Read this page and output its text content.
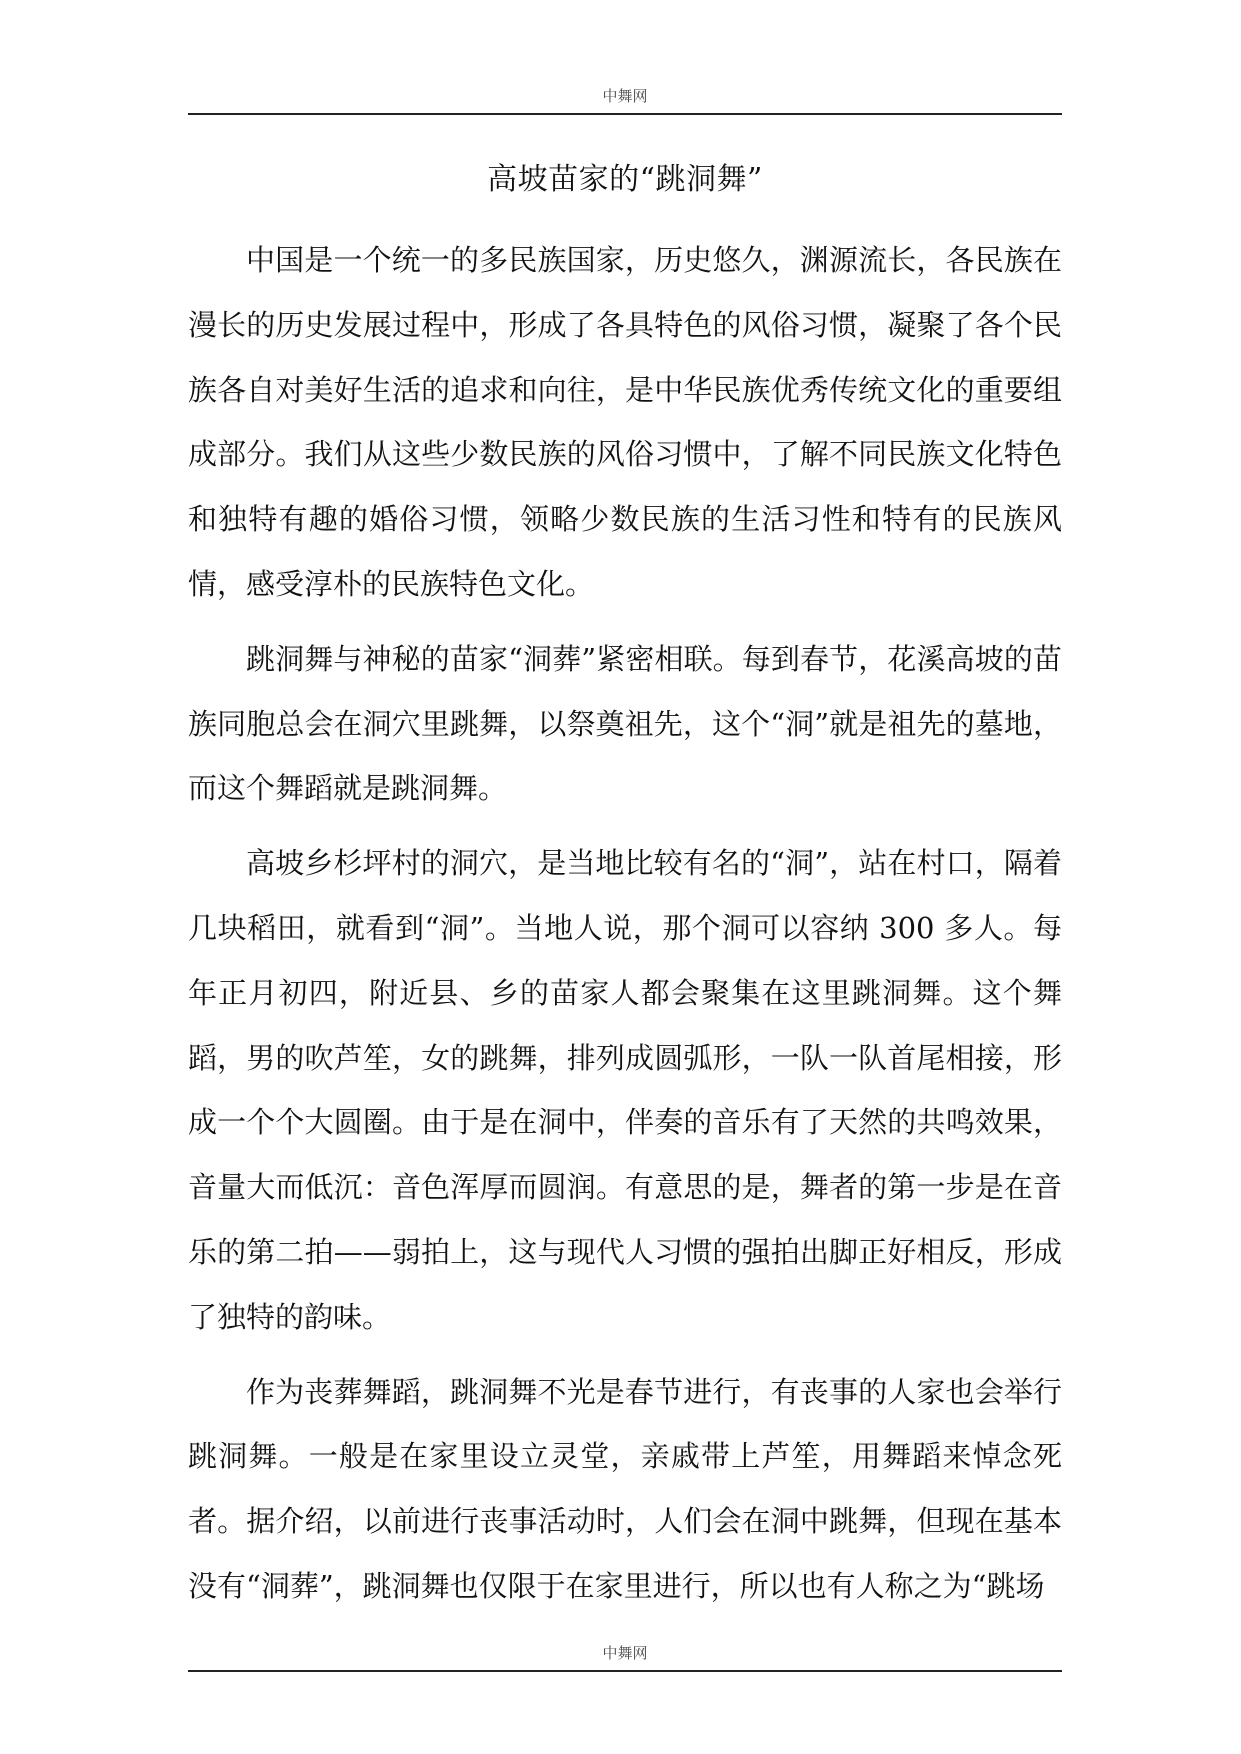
中舞网
高坡苗家的“跳洞舞”

中国是一个统一的多民族国家，历史悠久，渊源流长，各民族在漫长的历史发展过程中，形成了各具特色的风俗习惯，凝聚了各个民族各自对美好生活的追求和向往，是中华民族优秀传统文化的重要组成部分。我们从这些少数民族的风俗习惯中，了解不同民族文化特色和独特有趣的婚俗习惯，领略少数民族的生活习性和特有的民族风情，感受淳朴的民族特色文化。

跳洞舞与神秘的苗家“洞葬”紧密相联。每到春节，花溪高坡的苗族同胞总会在洞穴里跳舞，以祭奠祖先，这个“洞”就是祖先的墓地，而这个舞蹈就是跳洞舞。

高坡乡杉坪村的洞穴，是当地比较有名的“洞”，站在村口，隔着几块稻田，就看到“洞”。当地人说，那个洞可以容纳 300 多人。每年正月初四，附近县、乡的苗家人都会聚集在这里跳洞舞。这个舞蹈，男的吹芦笙，女的跳舞，排列成圆弧形，一队一队首尾相接，形成一个个大圆圈。由于是在洞中，伴奏的音乐有了天然的共鸣效果，音量大而低沉：音色浑厚而圆润。有意思的是，舞者的第一步是在音乐的第二拍——弱拍上，这与现代人习惯的强拍出脚正好相反，形成了独特的韵味。

作为丧葬舞蹈，跳洞舞不光是春节进行，有丧事的人家也会举行跳洞舞。一般是在家里设立灵堂，亲戚带上芦笙，用舞蹈来悼念死者。据介绍，以前进行丧事活动时，人们会在洞中跳舞，但现在基本没有“洞葬”，跳洞舞也仅限于在家里进行，所以也有人称之为“跳场

中舞网
